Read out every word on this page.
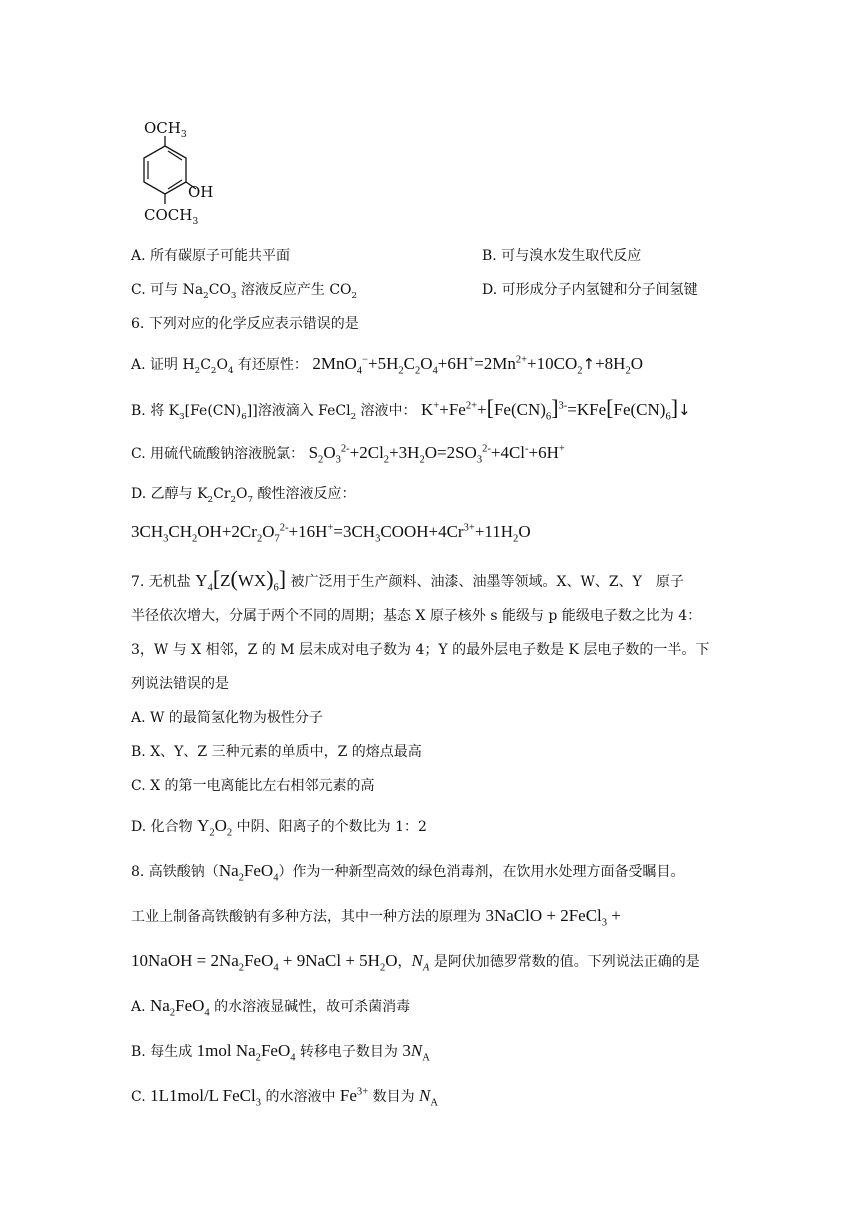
$OCH_3$
OH
$COCH_3$
A. 所有碳原子可能共平面	B. 可与溴水发生取代反应
C. 可与 $Na_2CO_3$ 溶液反应产生 $CO_2$	D. 可形成分子内氢键和分子间氢键
6. 下列对应的化学反应表示错误的是
A. 证明 $H_2C_2O_4$ 有还原性： $2MnO_4^-+5H_2C_2O_4+6H^+=2Mn^{2+}+10CO_2↑+8H_2O$
B. 将 $K_3[Fe(CN)_6]$]溶液滴入 FeCl$_2$ 溶液中： $K^++Fe^{2+}+[Fe(CN)_6]^{3-}=KFe[Fe(CN)_6]↓$
C. 用硫代硫酸钠溶液脱氯： $S_2O_3^{2-}+2Cl_2+3H_2O=2SO_3^{2-}+4Cl^-+6H^+$
D. 乙醇与 $K_2Cr_2O_7$ 酸性溶液反应：
$3CH_3CH_2OH+2Cr_2O_7^{2-}+16H^+=3CH_3COOH+4Cr^{3+}+11H_2O$
7. 无机盐 $Y_4[Z(WX)_6]$ 被广泛用于生产颜料、油漆、油墨等领域。X、W、Z、Y　原子
半径依次增大，分属于两个不同的周期；基态 X 原子核外 s 能级与 p 能级电子数之比为 4：
3，W 与 X 相邻，Z 的 M 层未成对电子数为 4；Y 的最外层电子数是 K 层电子数的一半。下
列说法错误的是
A. W 的最简氢化物为极性分子
B. X、Y、Z 三种元素的单质中，Z 的熔点最高
C. X 的第一电离能比左右相邻元素的高
D. 化合物 $Y_2O_2$ 中阴、阳离子的个数比为 1：2
8. 高铁酸钠$(Na_2FeO_4)$作为一种新型高效的绿色消毒剂，在饮用水处理方面备受瞩目。
工业上制备高铁酸钠有多种方法，其中一种方法的原理为 3NaClO + 2FeCl$_3$ +
10NaOH = $2Na_2FeO_4$ + 9NaCl + $5H_2O$，$N_A$ 是阿伏加德罗常数的值。下列说法正确的是
A. $Na_2FeO_4$ 的水溶液显碱性，故可杀菌消毒
B. 每生成 1mol $Na_2FeO_4$ 转移电子数目为 $3N_A$
C. 1L1mol/L FeCl$_3$ 的水溶液中 $Fe^{3+}$ 数目为 $N_A$
